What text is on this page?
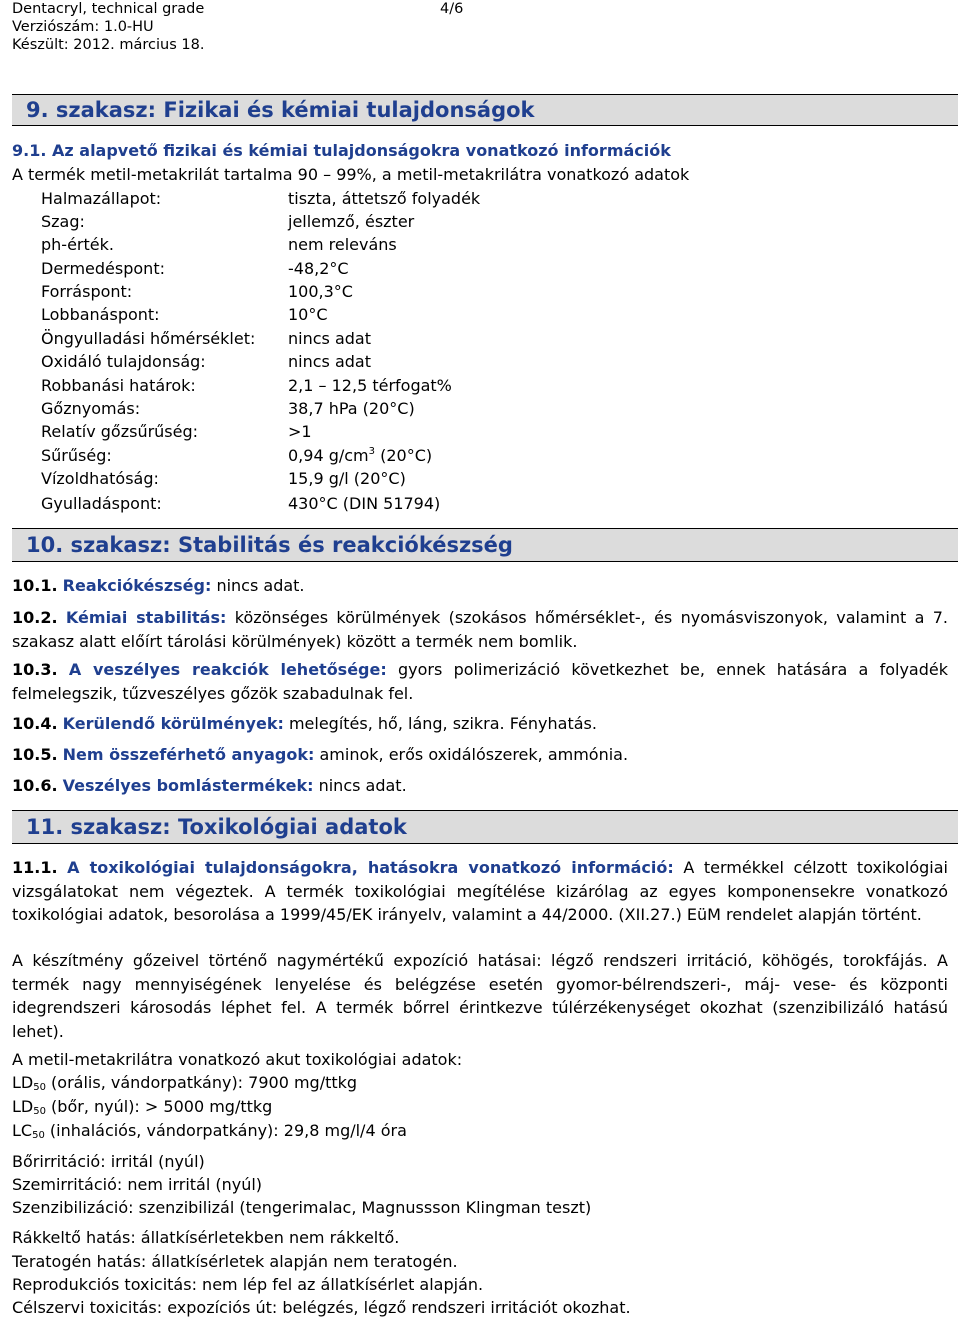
Dentacryl, technical grade	4/6
Verziószám: 1.0-HU
Készült: 2012. március 18.
9. szakasz: Fizikai és kémiai tulajdonságok
9.1. Az alapvető fizikai és kémiai tulajdonságokra vonatkozó információk
A termék metil-metakrilát tartalma 90 – 99%, a metil-metakrilátra vonatkozó adatok
Halmazállapot:	tiszta, áttetsző folyadék
Szag:	jellemző, észter
ph-érték.	nem releváns
Dermedéspont:	-48,2°C
Forráspont:	100,3°C
Lobbanáspont:	10°C
Öngyulladási hőmérséklet: nincs adat
Oxidáló tulajdonság:	nincs adat
Robbanási határok:	2,1 – 12,5 térfogat%
Gőznyomás:	38,7 hPa (20°C)
Relatív gőzsűrűség:	>1
Sűrűség:	0,94 $g/cm^3$ (20°C)
Vízoldhatóság:	15,9 g/l (20°C)
Gyulladáspont:	430°C (DIN 51794)
10. szakasz: Stabilitás és reakciókészség
10.1. Reakciókészség: nincs adat.
10.2. Kémiai stabilitás: közönséges körülmények (szokásos hőmérséklet-, és nyomásviszonyok, valamint a 7. szakasz alatt előírt tárolási körülmények) között a termék nem bomlik.
10.3. A veszélyes reakciók lehetősége: gyors polimerizáció következhet be, ennek hatására a folyadék felmelegszik, tűzveszélyes gőzök szabadulnak fel.
10.4. Kerülendő körülmények: melegítés, hő, láng, szikra. Fényhatás.
10.5. Nem összeférhető anyagok: aminok, erős oxidálószerek, ammónia.
10.6. Veszélyes bomlástermékek: nincs adat.
11. szakasz: Toxikológiai adatok
11.1. A toxikológiai tulajdonságokra, hatásokra vonatkozó információ: A termékkel célzott toxikológiai vizsgálatokat nem végeztek. A termék toxikológiai megítélése kizárólag az egyes komponensekre vonatkozó toxikológiai adatok, besorolása a 1999/45/EK irányelv, valamint a 44/2000. (XII.27.) EüM rendelet alapján történt.
A készítmény gőzeivel történő nagymértékű expozíció hatásai: légző rendszeri irritáció, köhögés, torokfájás. A termék nagy mennyiségének lenyelése és belégzése esetén gyomor-bélrendszeri-, máj- vese- és központi idegrendszeri károsodás léphet fel. A termék bőrrel érintkezve túlérzékenységet okozhat (szenzibilizáló hatású lehet).
A metil-metakrilátra vonatkozó akut toxikológiai adatok:
$LD_{50}$ (orális, vándorpatkány): 7900 mg/ttkg
$LD_{50}$ (bőr, nyúl): > 5000 mg/ttkg
$LC_{50}$ (inhalációs, vándorpatkány): 29,8 mg/l/4 óra
Bőrirritáció: irritál (nyúl)
Szemirritáció: nem irritál (nyúl)
Szenzibilizáció: szenzibilizál (tengerimalac, Magnussson Klingman teszt)
Rákkeltő hatás: állatkísérletekben nem rákkeltő.
Teratogén hatás: állatkísérletek alapján nem teratogén.
Reprodukciós toxicitás: nem lép fel az állatkísérlet alapján.
Célszervi toxicitás: expozíciós út: belégzés, légző rendszeri irritációt okozhat.
